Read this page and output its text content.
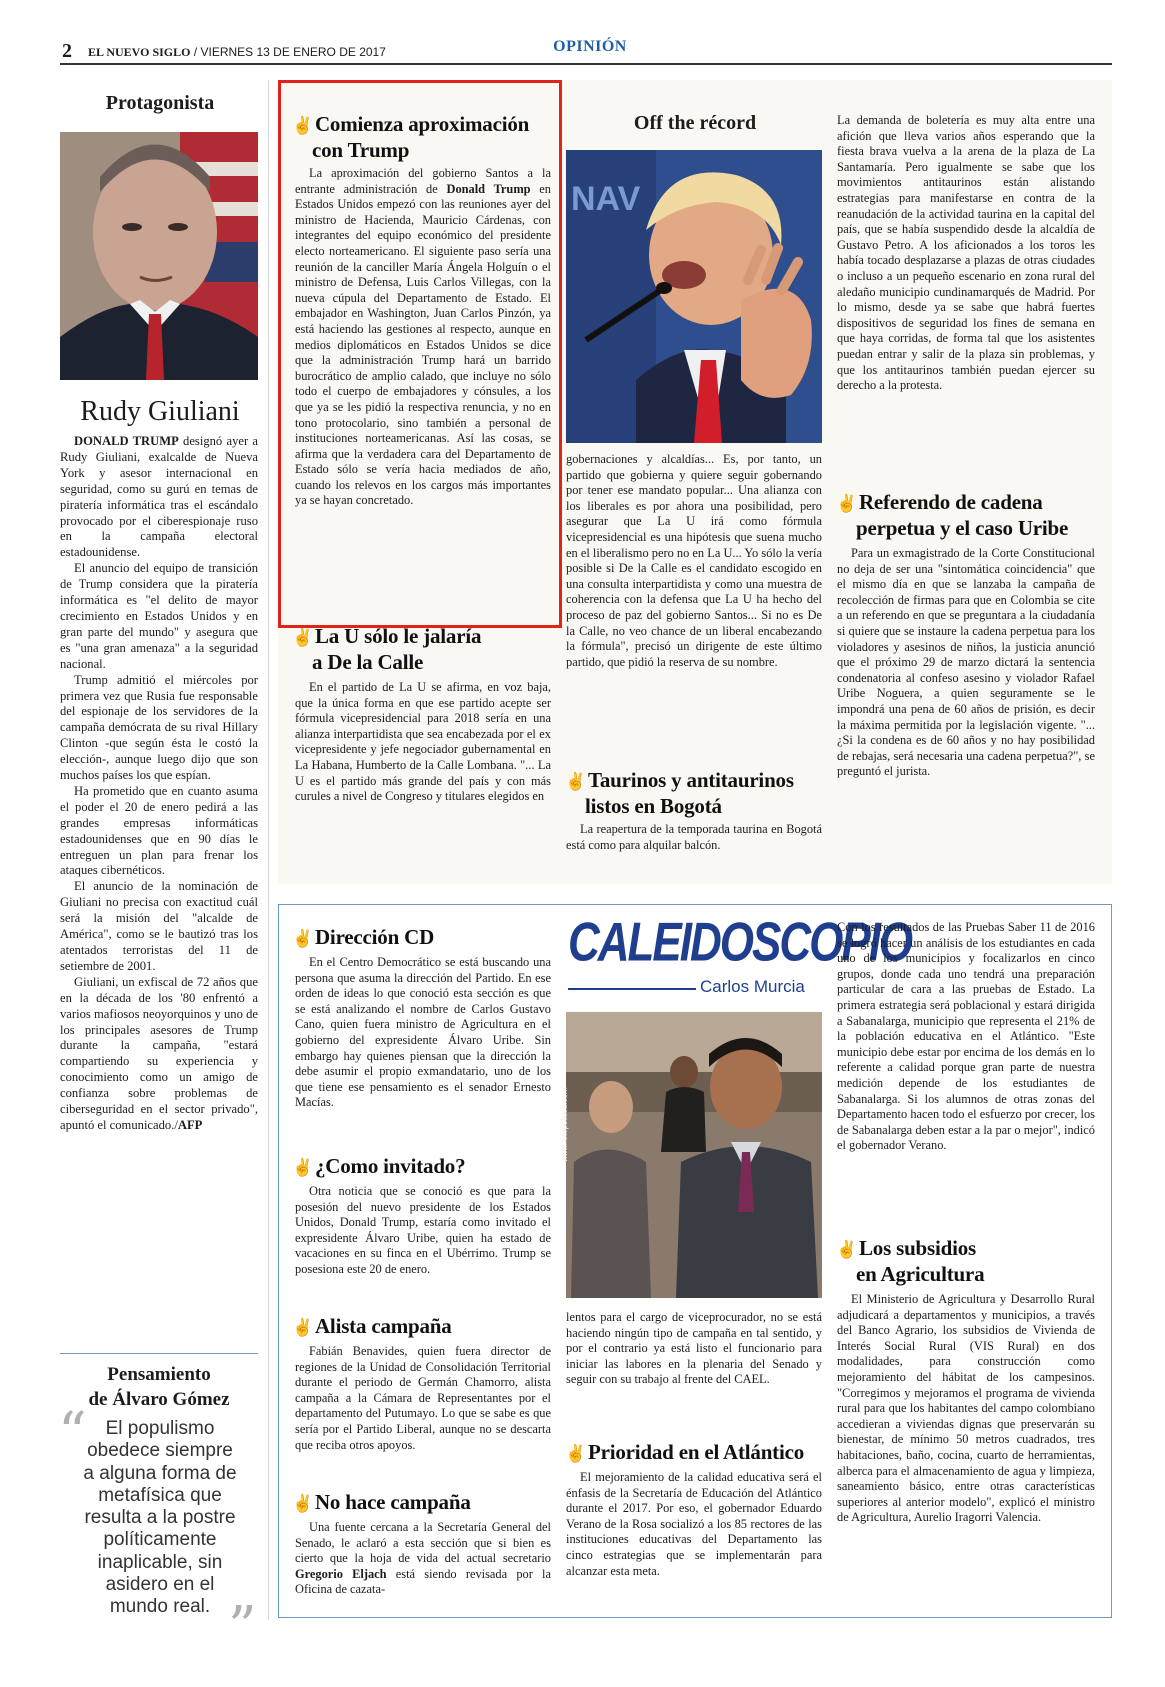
2 EL NUEVO SIGLO / VIERNES 13 DE ENERO DE 2017	OPINIÓN
Protagonista
Rudy Giuliani

DONALD TRUMP designó ayer a Rudy Giuliani, exalcalde de Nueva York y asesor internacional en seguridad, como su gurú en temas de piratería informática tras el escándalo provocado por el ciberespionaje ruso en la campaña electoral estadounidense.

El anuncio del equipo de transición de Trump considera que la piratería informática es "el delito de mayor crecimiento en Estados Unidos y en gran parte del mundo" y asegura que es "una gran amenaza" a la seguridad nacional.

Trump admitió el miércoles por primera vez que Rusia fue responsable del espionaje de los servidores de la campaña demócrata de su rival Hillary Clinton -que según ésta le costó la elección-, aunque luego dijo que son muchos países los que espían.

Ha prometido que en cuanto asuma el poder el 20 de enero pedirá a las grandes empresas informáticas estadounidenses que en 90 días le entreguen un plan para frenar los ataques cibernéticos.

El anuncio de la nominación de Giuliani no precisa con exactitud cuál será la misión del "alcalde de América", como se le bautizó tras los atentados terroristas del 11 de setiembre de 2001.

Giuliani, un exfiscal de 72 años que en la década de los '80 enfrentó a varios mafiosos neoyorquinos y uno de los principales asesores de Trump durante la campaña, "estará compartiendo su experiencia y conocimiento como un amigo de confianza sobre problemas de ciberseguridad en el sector privado", apuntó el comunicado./AFP

Pensamiento
de Álvaro Gómez
“ El populismo obedece siempre a alguna forma de metafísica que resulta a la postre políticamente inaplicable, sin asidero en el mundo real. ”
✌Comienza aproximación
con Trump

La aproximación del gobierno Santos a la entrante administración de Donald Trump en Estados Unidos empezó con las reuniones ayer del ministro de Hacienda, Mauricio Cárdenas, con integrantes del equipo económico del presidente electo norteamericano. El siguiente paso sería una reunión de la canciller María Ángela Holguín o el ministro de Defensa, Luis Carlos Villegas, con la nueva cúpula del Departamento de Estado. El embajador en Washington, Juan Carlos Pinzón, ya está haciendo las gestiones al respecto, aunque en medios diplomáticos en Estados Unidos se dice que la administración Trump hará un barrido burocrático de amplio calado, que incluye no sólo todo el cuerpo de embajadores y cónsules, a los que ya se les pidió la respectiva renuncia, y no en tono protocolario, sino también a personal de instituciones norteamericanas. Así las cosas, se afirma que la verdadera cara del Departamento de Estado sólo se vería hacia mediados de año, cuando los relevos en los cargos más importantes ya se hayan concretado.

✌La U sólo le jalaría
a De la Calle

En el partido de La U se afirma, en voz baja, que la única forma en que ese partido acepte ser fórmula vicepresidencial para 2018 sería en una alianza interpartidista que sea encabezada por el ex vicepresidente y jefe negociador gubernamental en La Habana, Humberto de la Calle Lombana. "... La U es el partido más grande del país y con más curules a nivel de Congreso y titulares elegidos en

Off the récord
NAV

gobernaciones y alcaldías... Es, por tanto, un partido que gobierna y quiere seguir gobernando por tener ese mandato popular... Una alianza con los liberales es por ahora una posibilidad, pero asegurar que La U irá como fórmula vicepresidencial es una hipótesis que suena mucho en el liberalismo pero no en La U... Yo sólo la vería posible si De la Calle es el candidato escogido en una consulta interpartidista y como una muestra de coherencia con la defensa que La U ha hecho del proceso de paz del gobierno Santos... Si no es De la Calle, no veo chance de un liberal encabezando la fórmula", precisó un dirigente de este último partido, que pidió la reserva de su nombre.

✌Taurinos y antitaurinos
listos en Bogotá

La reapertura de la temporada taurina en Bogotá está como para alquilar balcón.

La demanda de boletería es muy alta entre una afición que lleva varios años esperando que la fiesta brava vuelva a la arena de la plaza de La Santamaría. Pero igualmente se sabe que los movimientos antitaurinos están alistando estrategias para manifestarse en contra de la reanudación de la actividad taurina en la capital del país, que se había suspendido desde la alcaldía de Gustavo Petro. A los aficionados a los toros les había tocado desplazarse a plazas de otras ciudades o incluso a un pequeño escenario en zona rural del aledaño municipio cundinamarqués de Madrid. Por lo mismo, desde ya se sabe que habrá fuertes dispositivos de seguridad los fines de semana en que haya corridas, de forma tal que los asistentes puedan entrar y salir de la plaza sin problemas, y que los antitaurinos también puedan ejercer su derecho a la protesta.

✌Referendo de cadena
perpetua y el caso Uribe

Para un exmagistrado de la Corte Constitucional no deja de ser una "sintomática coincidencia" que el mismo día en que se lanzaba la campaña de recolección de firmas para que en Colombia se cite a un referendo en que se preguntara a la ciudadanía si quiere que se instaure la cadena perpetua para los violadores y asesinos de niños, la justicia anunció que el próximo 29 de marzo dictará la sentencia condenatoria al confeso asesino y violador Rafael Uribe Noguera, a quien seguramente se le impondrá una pena de 60 años de prisión, es decir la máxima permitida por la legislación vigente. "... ¿Si la condena es de 60 años y no hay posibilidad de rebajas, será necesaria una cadena perpetua?", se preguntó el jurista.

✌Dirección CD

En el Centro Democrático se está buscando una persona que asuma la dirección del Partido. En ese orden de ideas lo que conoció esta sección es que se está analizando el nombre de Carlos Gustavo Cano, quien fuera ministro de Agricultura en el gobierno del expresidente Álvaro Uribe. Sin embargo hay quienes piensan que la dirección la debe asumir el propio exmandatario, uno de los que tiene ese pensamiento es el senador Ernesto Macías.

✌¿Como invitado?

Otra noticia que se conoció es que para la posesión del nuevo presidente de los Estados Unidos, Donald Trump, estaría como invitado el expresidente Álvaro Uribe, quien ha estado de vacaciones en su finca en el Ubérrimo. Trump se posesiona este 20 de enero.

✌Alista campaña

Fabián Benavides, quien fuera director de regiones de la Unidad de Consolidación Territorial durante el periodo de Germán Chamorro, alista campaña a la Cámara de Representantes por el departamento del Putumayo. Lo que se sabe es que sería por el Partido Liberal, aunque no se descarta que reciba otros apoyos.

✌No hace campaña

Una fuente cercana a la Secretaría General del Senado, le aclaró a esta sección que si bien es cierto que la hoja de vida del actual secretario Gregorio Eljach está siendo revisada por la Oficina de cazata-

CALEIDOSCOPIO
Carlos Murcia
www.fotopolitica.com

lentos para el cargo de viceprocurador, no se está haciendo ningún tipo de campaña en tal sentido, y por el contrario ya está listo el funcionario para iniciar las labores en la plenaria del Senado y seguir con su trabajo al frente del CAEL.

✌Prioridad en el Atlántico

El mejoramiento de la calidad educativa será el énfasis de la Secretaría de Educación del Atlántico durante el 2017. Por eso, el gobernador Eduardo Verano de la Rosa socializó a los 85 rectores de las instituciones educativas del Departamento las cinco estrategias que se implementarán para alcanzar esta meta.

Con los resultados de las Pruebas Saber 11 de 2016 se logró hacer un análisis de los estudiantes en cada uno de los municipios y focalizarlos en cinco grupos, donde cada uno tendrá una preparación particular de cara a las pruebas de Estado. La primera estrategia será poblacional y estará dirigida a Sabanalarga, municipio que representa el 21% de la población educativa en el Atlántico. "Este municipio debe estar por encima de los demás en lo referente a calidad porque gran parte de nuestra medición depende de los estudiantes de Sabanalarga. Si los alumnos de otras zonas del Departamento hacen todo el esfuerzo por crecer, los de Sabanalarga deben estar a la par o mejor", indicó el gobernador Verano.

✌Los subsidios
en Agricultura

El Ministerio de Agricultura y Desarrollo Rural adjudicará a departamentos y municipios, a través del Banco Agrario, los subsidios de Vivienda de Interés Social Rural (VIS Rural) en dos modalidades, para construcción como mejoramiento del hábitat de los campesinos. "Corregimos y mejoramos el programa de vivienda rural para que los habitantes del campo colombiano accedieran a viviendas dignas que preservarán su bienestar, de mínimo 50 metros cuadrados, tres habitaciones, baño, cocina, cuarto de herramientas, alberca para el almacenamiento de agua y limpieza, saneamiento básico, entre otras características superiores al anterior modelo", explicó el ministro de Agricultura, Aurelio Iragorri Valencia.
